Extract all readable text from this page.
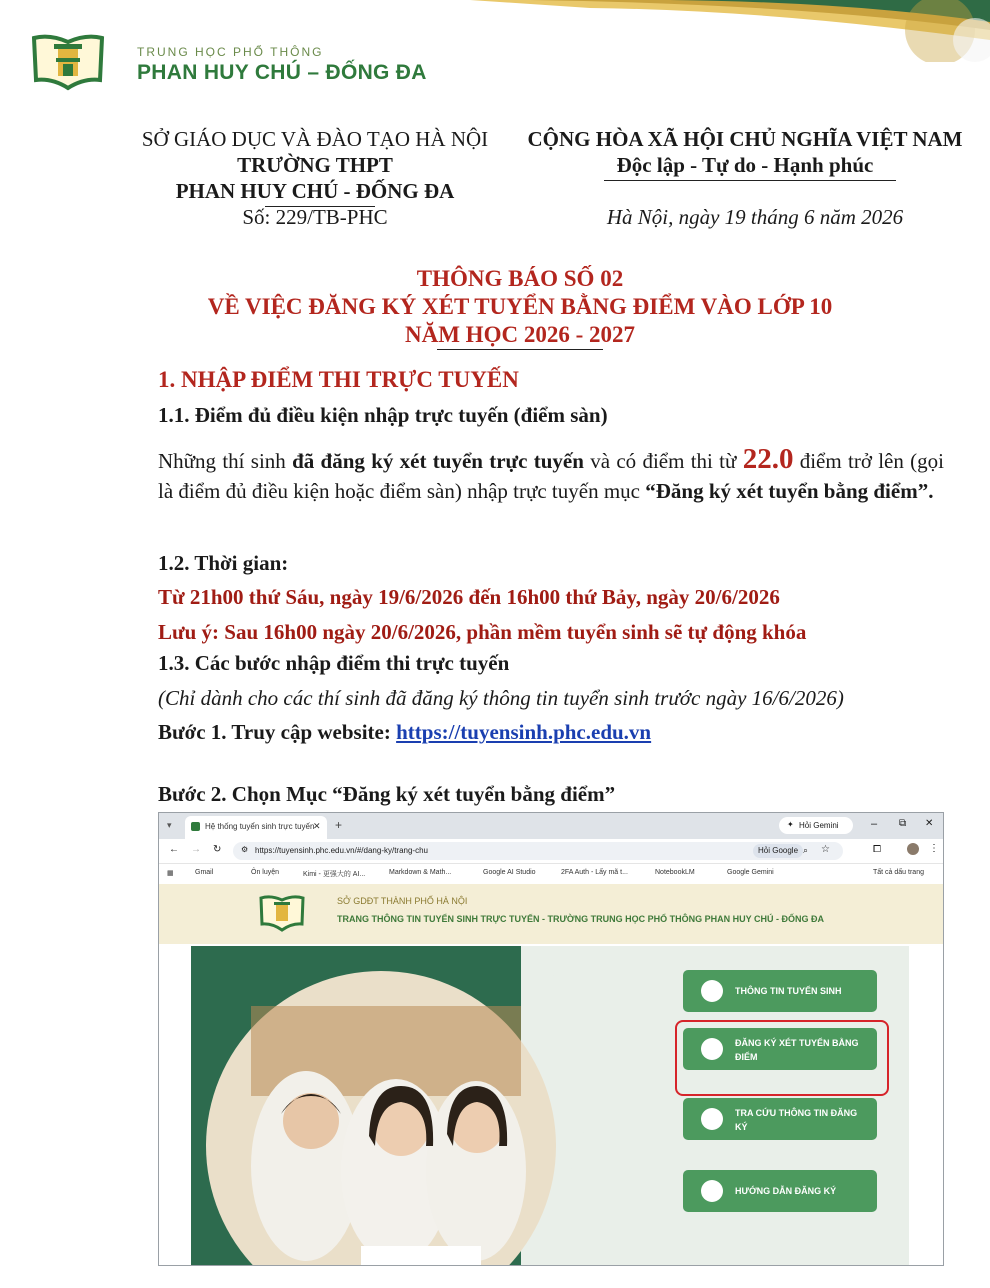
TRUNG HỌC PHỔ THÔNG
PHAN HUY CHÚ – ĐỐNG ĐA
SỞ GIÁO DỤC VÀ ĐÀO TẠO HÀ NỘI
TRƯỜNG THPT
PHAN HUY CHÚ - ĐỐNG ĐA
Số: 229/TB-PHC
CỘNG HÒA XÃ HỘI CHỦ NGHĨA VIỆT NAM
Độc lập - Tự do - Hạnh phúc
Hà Nội, ngày 19 tháng 6 năm 2026
THÔNG BÁO SỐ 02
VỀ VIỆC ĐĂNG KÝ XÉT TUYỂN BẰNG ĐIỂM VÀO LỚP 10
NĂM HỌC 2026 - 2027
1. NHẬP ĐIỂM THI TRỰC TUYẾN
1.1. Điểm đủ điều kiện nhập trực tuyến (điểm sàn)
Những thí sinh đã đăng ký xét tuyển trực tuyến và có điểm thi từ 22.0 điểm trở lên (gọi là điểm đủ điều kiện hoặc điểm sàn) nhập trực tuyến mục “Đăng ký xét tuyển bằng điểm”.
1.2. Thời gian:
Từ 21h00 thứ Sáu, ngày 19/6/2026 đến 16h00 thứ Bảy, ngày 20/6/2026
Lưu ý: Sau 16h00 ngày 20/6/2026, phần mềm tuyển sinh sẽ tự động khóa
1.3. Các bước nhập điểm thi trực tuyến
(Chỉ dành cho các thí sinh đã đăng ký thông tin tuyển sinh trước ngày 16/6/2026)
Bước 1. Truy cập website: https://tuyensinh.phc.edu.vn
Bước 2. Chọn Mục “Đăng ký xét tuyển bằng điểm”
▾	Hệ thống tuyển sinh trực tuyến
✕ +	✦ Hỏi Gemini	– ⧉ ✕
← → ↻ ⚙ https://tuyensinh.phc.edu.vn/#/dang-ky/trang-chu	Hỏi Google ⌕ ☆	⧠	⋮
▦	Gmail	Ôn luyện	Kimi - 更强大的 AI...	Markdown & Math...	Google AI Studio	2FA Auth - Lấy mã t...	NotebookLM	Google Gemini	Tất cả dấu trang
SỞ GDĐT THÀNH PHỐ HÀ NỘI
TRANG THÔNG TIN TUYỂN SINH TRỰC TUYẾN - TRƯỜNG TRUNG HỌC PHỔ THÔNG PHAN HUY CHÚ - ĐỐNG ĐA
THÔNG TIN TUYỂN SINH
ĐĂNG KÝ XÉT TUYỂN BẰNG ĐIỂM
TRA CỨU THÔNG TIN ĐĂNG KÝ
HƯỚNG DẪN ĐĂNG KÝ
